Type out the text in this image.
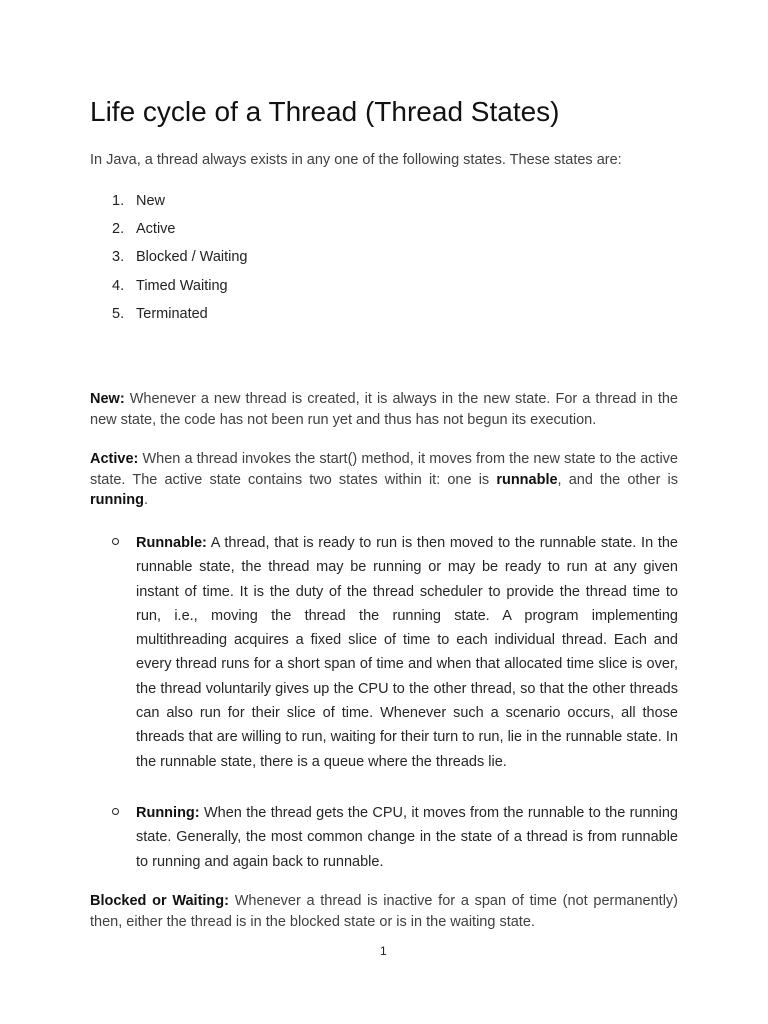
Life cycle of a Thread (Thread States)

In Java, a thread always exists in any one of the following states. These states are:

1. New
2. Active
3. Blocked / Waiting
4. Timed Waiting
5. Terminated

New: Whenever a new thread is created, it is always in the new state. For a thread in the new state, the code has not been run yet and thus has not begun its execution.

Active: When a thread invokes the start() method, it moves from the new state to the active state. The active state contains two states within it: one is runnable, and the other is running.

Runnable: A thread, that is ready to run is then moved to the runnable state. In the runnable state, the thread may be running or may be ready to run at any given instant of time. It is the duty of the thread scheduler to provide the thread time to run, i.e., moving the thread the running state. A program implementing multithreading acquires a fixed slice of time to each individual thread. Each and every thread runs for a short span of time and when that allocated time slice is over, the thread voluntarily gives up the CPU to the other thread, so that the other threads can also run for their slice of time. Whenever such a scenario occurs, all those threads that are willing to run, waiting for their turn to run, lie in the runnable state. In the runnable state, there is a queue where the threads lie.
Running: When the thread gets the CPU, it moves from the runnable to the running state. Generally, the most common change in the state of a thread is from runnable to running and again back to runnable.

Blocked or Waiting: Whenever a thread is inactive for a span of time (not permanently) then, either the thread is in the blocked state or is in the waiting state.

1
